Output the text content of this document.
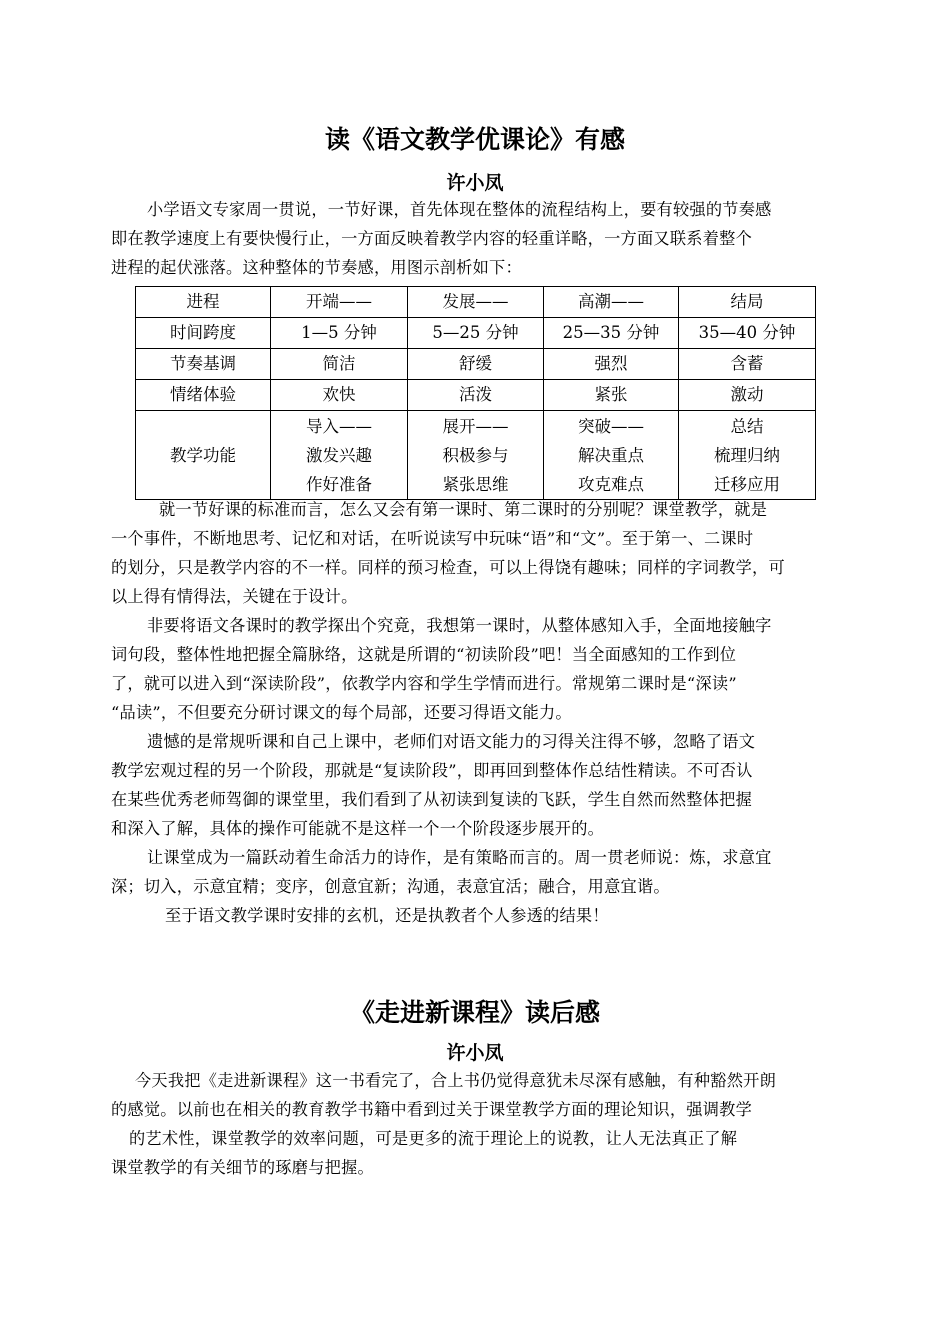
读《语文教学优课论》有感
许小凤
小学语文专家周一贯说，一节好课，首先体现在整体的流程结构上，要有较强的节奏感
即在教学速度上有要快慢行止，一方面反映着教学内容的轻重详略，一方面又联系着整个
进程的起伏涨落。这种整体的节奏感，用图示剖析如下：
进程	开端——	发展——	高潮——	结局
时间跨度	1—5 分钟	5—25 分钟	25—35 分钟	35—40 分钟
节奏基调	简洁	舒缓	强烈	含蓄
情绪体验	欢快	活泼	紧张	激动
教学功能	导入——
激发兴趣
作好准备	展开——
积极参与
紧张思维	突破——
解决重点
攻克难点	总结
梳理归纳
迁移应用
就一节好课的标准而言，怎么又会有第一课时、第二课时的分别呢？课堂教学，就是
一个事件，不断地思考、记忆和对话，在听说读写中玩味“语”和“文”。至于第一、二课时
的划分，只是教学内容的不一样。同样的预习检查，可以上得饶有趣味；同样的字词教学，可
以上得有情得法，关键在于设计。
非要将语文各课时的教学探出个究竟，我想第一课时，从整体感知入手，全面地接触字
词句段，整体性地把握全篇脉络，这就是所谓的“初读阶段”吧！当全面感知的工作到位
了，就可以进入到“深读阶段”，依教学内容和学生学情而进行。常规第二课时是“深读”
“品读”，不但要充分研讨课文的每个局部，还要习得语文能力。
遗憾的是常规听课和自己上课中，老师们对语文能力的习得关注得不够，忽略了语文
教学宏观过程的另一个阶段，那就是“复读阶段”，即再回到整体作总结性精读。不可否认
在某些优秀老师驾御的课堂里，我们看到了从初读到复读的飞跃，学生自然而然整体把握
和深入了解，具体的操作可能就不是这样一个一个阶段逐步展开的。
让课堂成为一篇跃动着生命活力的诗作，是有策略而言的。周一贯老师说：炼，求意宜
深；切入，示意宜精；变序，创意宜新；沟通，表意宜活；融合，用意宜谐。
至于语文教学课时安排的玄机，还是执教者个人参透的结果！
《走进新课程》读后感
许小凤
今天我把《走进新课程》这一书看完了，合上书仍觉得意犹未尽深有感触，有种豁然开朗
的感觉。以前也在相关的教育教学书籍中看到过关于课堂教学方面的理论知识，强调教学
的艺术性，课堂教学的效率问题，可是更多的流于理论上的说教，让人无法真正了解
课堂教学的有关细节的琢磨与把握。
